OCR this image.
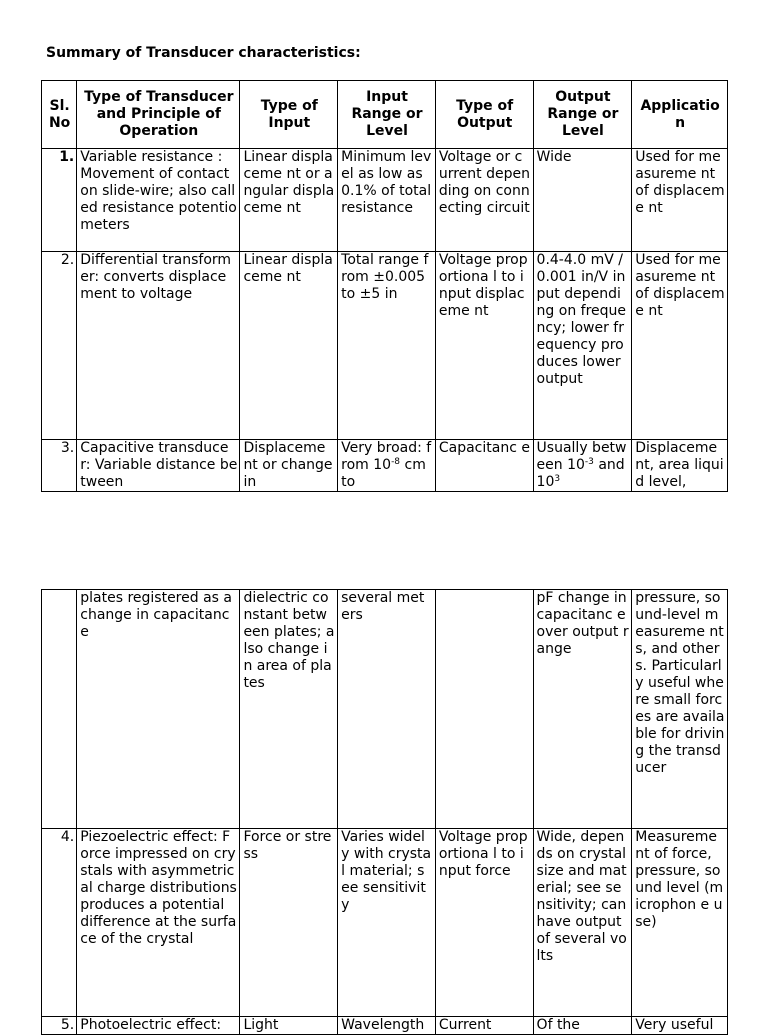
Summary of Transducer characteristics:
Sl. No	Type of Transducer and Principle of Operation	Type of Input	Input Range or Level	Type of Output	Output Range or Level	Applicatio n

1.	Variable resistance : Movement of contact on slide-wire; also called resistance potentiometers	Linear displaceme nt or angular displaceme nt	Minimum level as low as 0.1% of total resistance	Voltage or current depending on connecting circuit	Wide	Used for measureme nt of displaceme nt

2.	Differential transformer: converts displacement to voltage	Linear displaceme nt	Total range from ±0.005 to ±5 in	Voltage proportiona l to input displaceme nt	0.4-4.0 mV / 0.001 in/V input depending on frequency; lower frequency produces lower output	Used for measureme nt of displaceme nt

3.	Capacitive transducer: Variable distance between	Displaceme nt or change in	Very broad: from $10^{-8}$ cm to	Capacitanc e	Usually between $10^{-3}$ and $10^3$	Displaceme nt, area liquid level,

	plates registered as a change in capacitance	dielectric constant between plates; also change in area of plates	several meters		pF change in capacitanc e over output range	pressure, sound-level measureme nts, and others. Particularly useful where small forces are available for driving the transducer

4.	Piezoelectric effect: Force impressed on crystals with asymmetrical charge distributions produces a potential difference at the surface of the crystal	Force or stress	Varies widely with crystal material; see sensitivity	Voltage proportiona l to input force	Wide, depends on crystal size and material; see sensitivity; can have output of several volts	Measureme nt of force, pressure, sound level (microphon e use)

5.	Photoelectric effect:	Light	Wavelength	Current	Of the	Very useful
